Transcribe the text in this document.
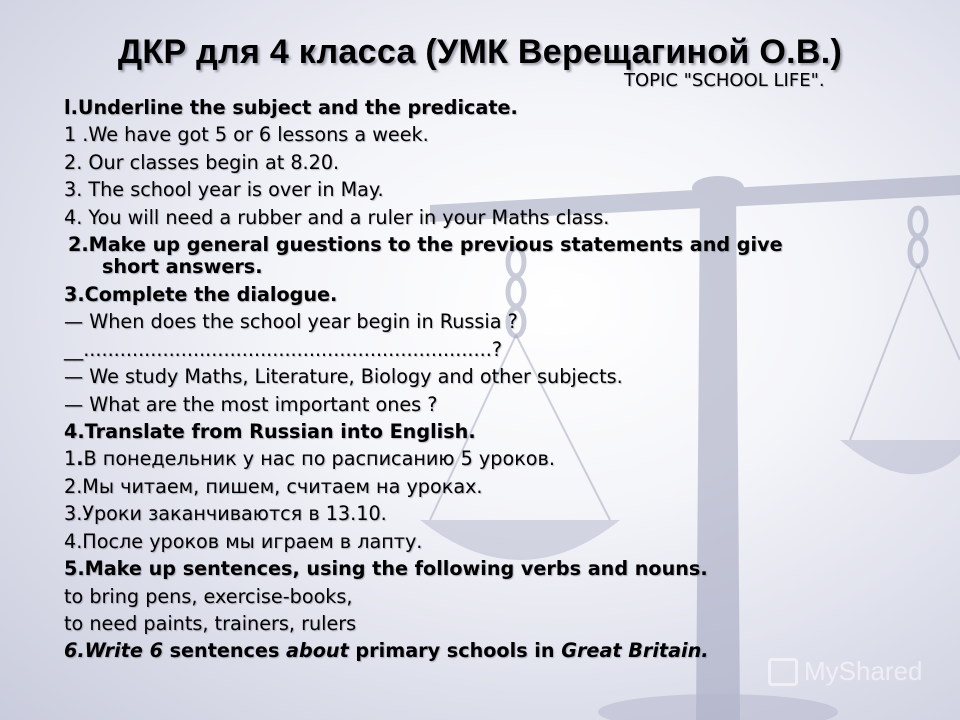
ДКР для 4 класса (УМК Верещагиной О.В.)
TOPIC "SCHOOL LIFE".
l.Underline the subject and the predicate.
1 .We have got 5 or 6 lessons a week.
2. Our classes begin at 8.20.
3. The school year is over in May.
4. You will need a rubber and a ruler in your Maths class.
2.Make up general guestions to the previous statements and give
short answers.
3.Complete the dialogue.
— When does the school year begin in Russia ?
__...................................................................?
— We study Maths, Literature, Biology and other subjects.
— What are the most important ones ?
4.Translate from Russian into English.
1.В понедельник у нас по расписанию 5 уроков.
2.Мы читаем, пишем, считаем на уроках.
3.Уроки заканчиваются в 13.10.
4.После уроков мы играем в лапту.
5.Make up sentences, using the following verbs and nouns.
to bring pens, exercise-books,
to need paints, trainers, rulers
6.Write 6 sentences about primary schools in Great Britain.
MyShared
